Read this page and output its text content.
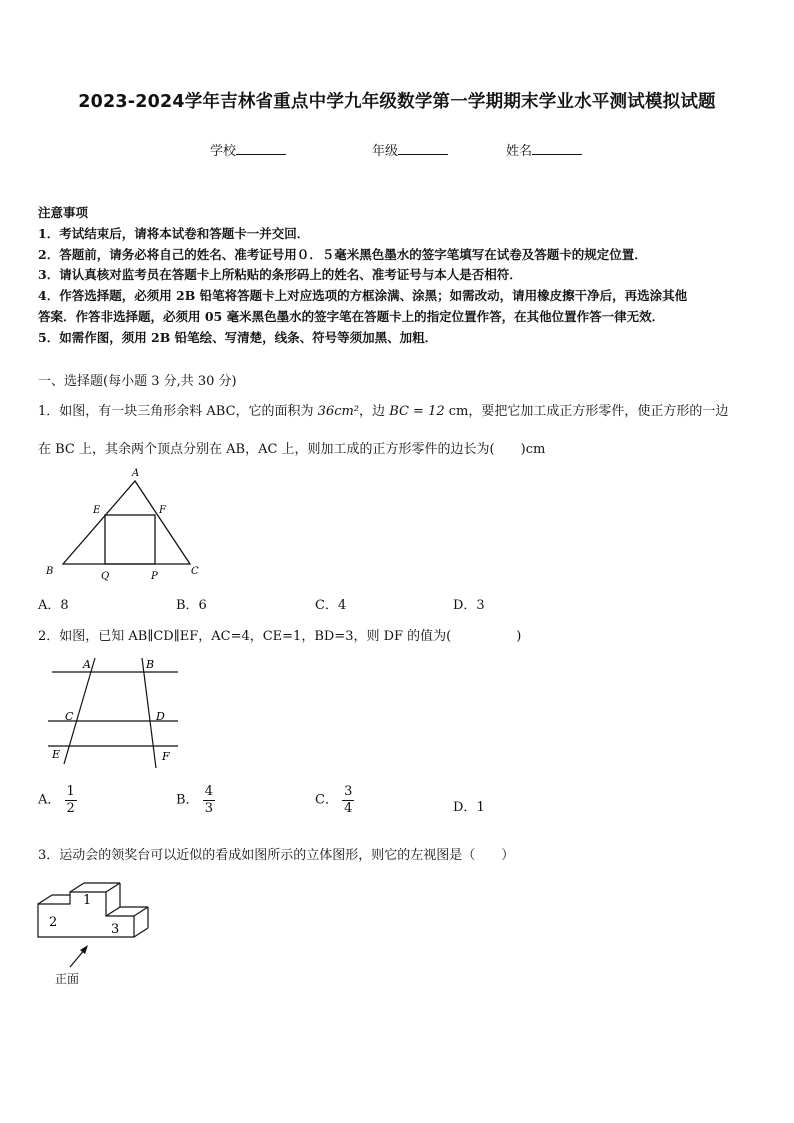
2023-2024学年吉林省重点中学九年级数学第一学期期末学业水平测试模拟试题
学校	年级	姓名
注意事项
1．考试结束后，请将本试卷和答题卡一并交回．
2．答题前，请务必将自己的姓名、准考证号用０．５毫米黑色墨水的签字笔填写在试卷及答题卡的规定位置．
3．请认真核对监考员在答题卡上所粘贴的条形码上的姓名、准考证号与本人是否相符．
4．作答选择题，必须用 2B 铅笔将答题卡上对应选项的方框涂满、涂黑；如需改动，请用橡皮擦干净后，再选涂其他
答案．作答非选择题，必须用 05 毫米黑色墨水的签字笔在答题卡上的指定位置作答，在其他位置作答一律无效．
5．如需作图，须用 2B 铅笔绘、写清楚，线条、符号等须加黑、加粗．
一、选择题(每小题 3 分,共 30 分)
1．如图，有一块三角形余料 ABC，它的面积为 36cm²，边 BC = 12 cm，要把它加工成正方形零件，使正方形的一边
在 BC 上，其余两个顶点分别在 AB，AC 上，则加工成的正方形零件的边长为(　　)cm
A
E	F
B	Q	P	C
A．8	B．6	C．4	D．3
2．如图，已知 AB∥CD∥EF，AC=4，CE=1，BD=3，则 DF 的值为(　　　　　)
A	B
C	D
E	F
A． $\frac{1}{2}$	B． $\frac{4}{3}$	C． $\frac{3}{4}$	D．1
3．运动会的领奖台可以近似的看成如图所示的立体图形，则它的左视图是（　　）
1
2	3
正面
